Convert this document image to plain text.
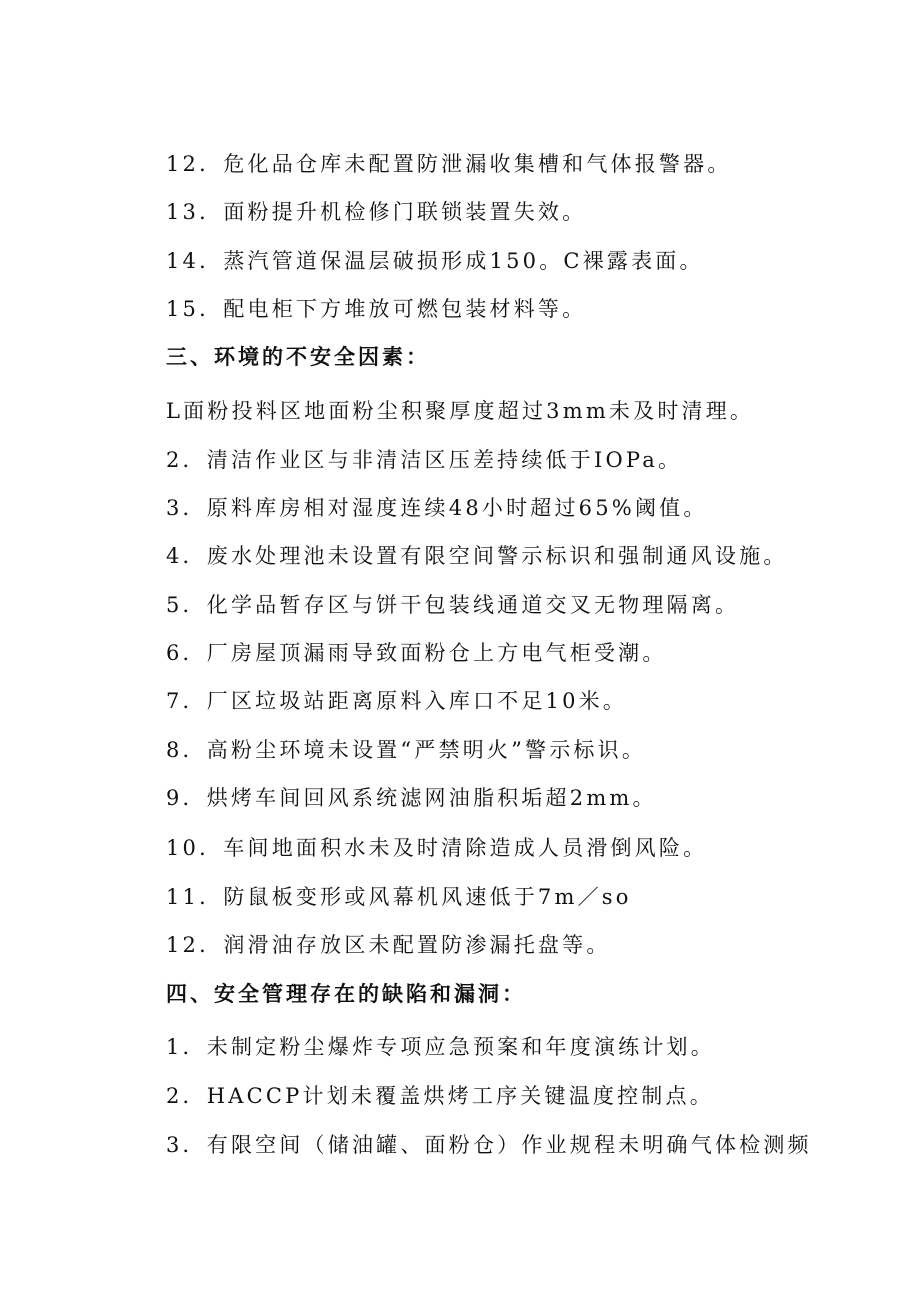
12．危化品仓库未配置防泄漏收集槽和气体报警器。
13．面粉提升机检修门联锁装置失效。
14．蒸汽管道保温层破损形成150。C裸露表面。
15．配电柜下方堆放可燃包装材料等。
三、环境的不安全因素：
L面粉投料区地面粉尘积聚厚度超过3mm未及时清理。
2．清洁作业区与非清洁区压差持续低于IOPa。
3．原料库房相对湿度连续48小时超过65%阈值。
4．废水处理池未设置有限空间警示标识和强制通风设施。
5．化学品暂存区与饼干包装线通道交叉无物理隔离。
6．厂房屋顶漏雨导致面粉仓上方电气柜受潮。
7．厂区垃圾站距离原料入库口不足10米。
8．高粉尘环境未设置“严禁明火”警示标识。
9．烘烤车间回风系统滤网油脂积垢超2mm。
10．车间地面积水未及时清除造成人员滑倒风险。
11．防鼠板变形或风幕机风速低于7m／so
12．润滑油存放区未配置防渗漏托盘等。
四、安全管理存在的缺陷和漏洞：
1．未制定粉尘爆炸专项应急预案和年度演练计划。
2．HACCP计划未覆盖烘烤工序关键温度控制点。
3．有限空间（储油罐、面粉仓）作业规程未明确气体检测频
